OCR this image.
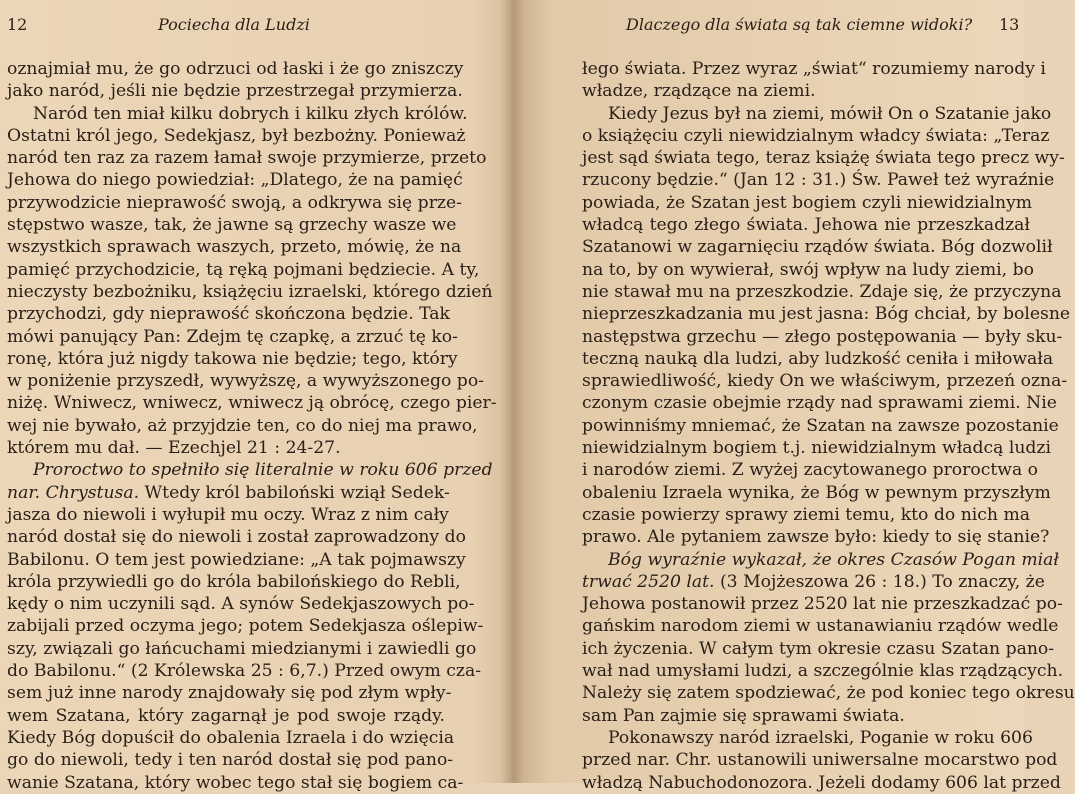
12	Pociecha dla Ludzi
oznajmiał mu, że go odrzuci od łaski i że go zniszczy
jako naród, jeśli nie będzie przestrzegał przymierza.
Naród ten miał kilku dobrych i kilku złych królów.
Ostatni król jego, Sedekjasz, był bezbożny. Ponieważ
naród ten raz za razem łamał swoje przymierze, przeto
Jehowa do niego powiedział: „Dlatego, że na pamięć
przywodzicie nieprawość swoją, a odkrywa się prze-
stępstwo wasze, tak, że jawne są grzechy wasze we
wszystkich sprawach waszych, przeto, mówię, że na
pamięć przychodzicie, tą ręką pojmani będziecie. A ty,
nieczysty bezbożniku, książęciu izraelski, którego dzień
przychodzi, gdy nieprawość skończona będzie. Tak
mówi panujący Pan: Zdejm tę czapkę, a zrzuć tę ko-
ronę, która już nigdy takowa nie będzie; tego, który
w poniżenie przyszedł, wywyższę, a wywyższonego po-
niżę. Wniwecz, wniwecz, wniwecz ją obrócę, czego pier-
wej nie bywało, aż przyjdzie ten, co do niej ma prawo,
którem mu dał. — Ezechjel 21 : 24-27.
Proroctwo to spełniło się literalnie w roku 606 przed
nar. Chrystusa. Wtedy król babiloński wziął Sedek-
jasza do niewoli i wyłupił mu oczy. Wraz z nim cały
naród dostał się do niewoli i został zaprowadzony do
Babilonu. O tem jest powiedziane: „A tak pojmawszy
króla przywiedli go do króla babilońskiego do Rebli,
kędy o nim uczynili sąd. A synów Sedekjaszowych po-
zabijali przed oczyma jego; potem Sedekjasza oślepiw-
szy, związali go łańcuchami miedzianymi i zawiedli go
do Babilonu.“ (2 Królewska 25 : 6,7.) Przed owym cza-
sem już inne narody znajdowały się pod złym wpły-
wem Szatana, który zagarnął je pod swoje rządy.
Kiedy Bóg dopuścił do obalenia Izraela i do wzięcia
go do niewoli, tedy i ten naród dostał się pod pano-
wanie Szatana, który wobec tego stał się bogiem ca-
Dlaczego dla świata są tak ciemne widoki? 13
łego świata. Przez wyraz „świat“ rozumiemy narody i
władze, rządzące na ziemi.
Kiedy Jezus był na ziemi, mówił On o Szatanie jako
o książęciu czyli niewidzialnym władcy świata: „Teraz
jest sąd świata tego, teraz książę świata tego precz wy-
rzucony będzie.“ (Jan 12 : 31.) Św. Paweł też wyraźnie
powiada, że Szatan jest bogiem czyli niewidzialnym
władcą tego złego świata. Jehowa nie przeszkadzał
Szatanowi w zagarnięciu rządów świata. Bóg dozwolił
na to, by on wywierał, swój wpływ na ludy ziemi, bo
nie stawał mu na przeszkodzie. Zdaje się, że przyczyna
nieprzeszkadzania mu jest jasna: Bóg chciał, by bolesne
następstwa grzechu — złego postępowania — były sku-
teczną nauką dla ludzi, aby ludzkość ceniła i miłowała
sprawiedliwość, kiedy On we właściwym, przezeń ozna-
czonym czasie obejmie rządy nad sprawami ziemi. Nie
powinniśmy mniemać, że Szatan na zawsze pozostanie
niewidzialnym bogiem t.j. niewidzialnym władcą ludzi
i narodów ziemi. Z wyżej zacytowanego proroctwa o
obaleniu Izraela wynika, że Bóg w pewnym przyszłym
czasie powierzy sprawy ziemi temu, kto do nich ma
prawo. Ale pytaniem zawsze było: kiedy to się stanie?
Bóg wyraźnie wykazał, że okres Czasów Pogan miał
trwać 2520 lat. (3 Mojżeszowa 26 : 18.) To znaczy, że
Jehowa postanowił przez 2520 lat nie przeszkadzać po-
gańskim narodom ziemi w ustanawianiu rządów wedle
ich życzenia. W całym tym okresie czasu Szatan pano-
wał nad umysłami ludzi, a szczególnie klas rządzących.
Należy się zatem spodziewać, że pod koniec tego okresu
sam Pan zajmie się sprawami świata.
Pokonawszy naród izraelski, Poganie w roku 606
przed nar. Chr. ustanowili uniwersalne mocarstwo pod
władzą Nabuchodonozora. Jeżeli dodamy 606 lat przed
